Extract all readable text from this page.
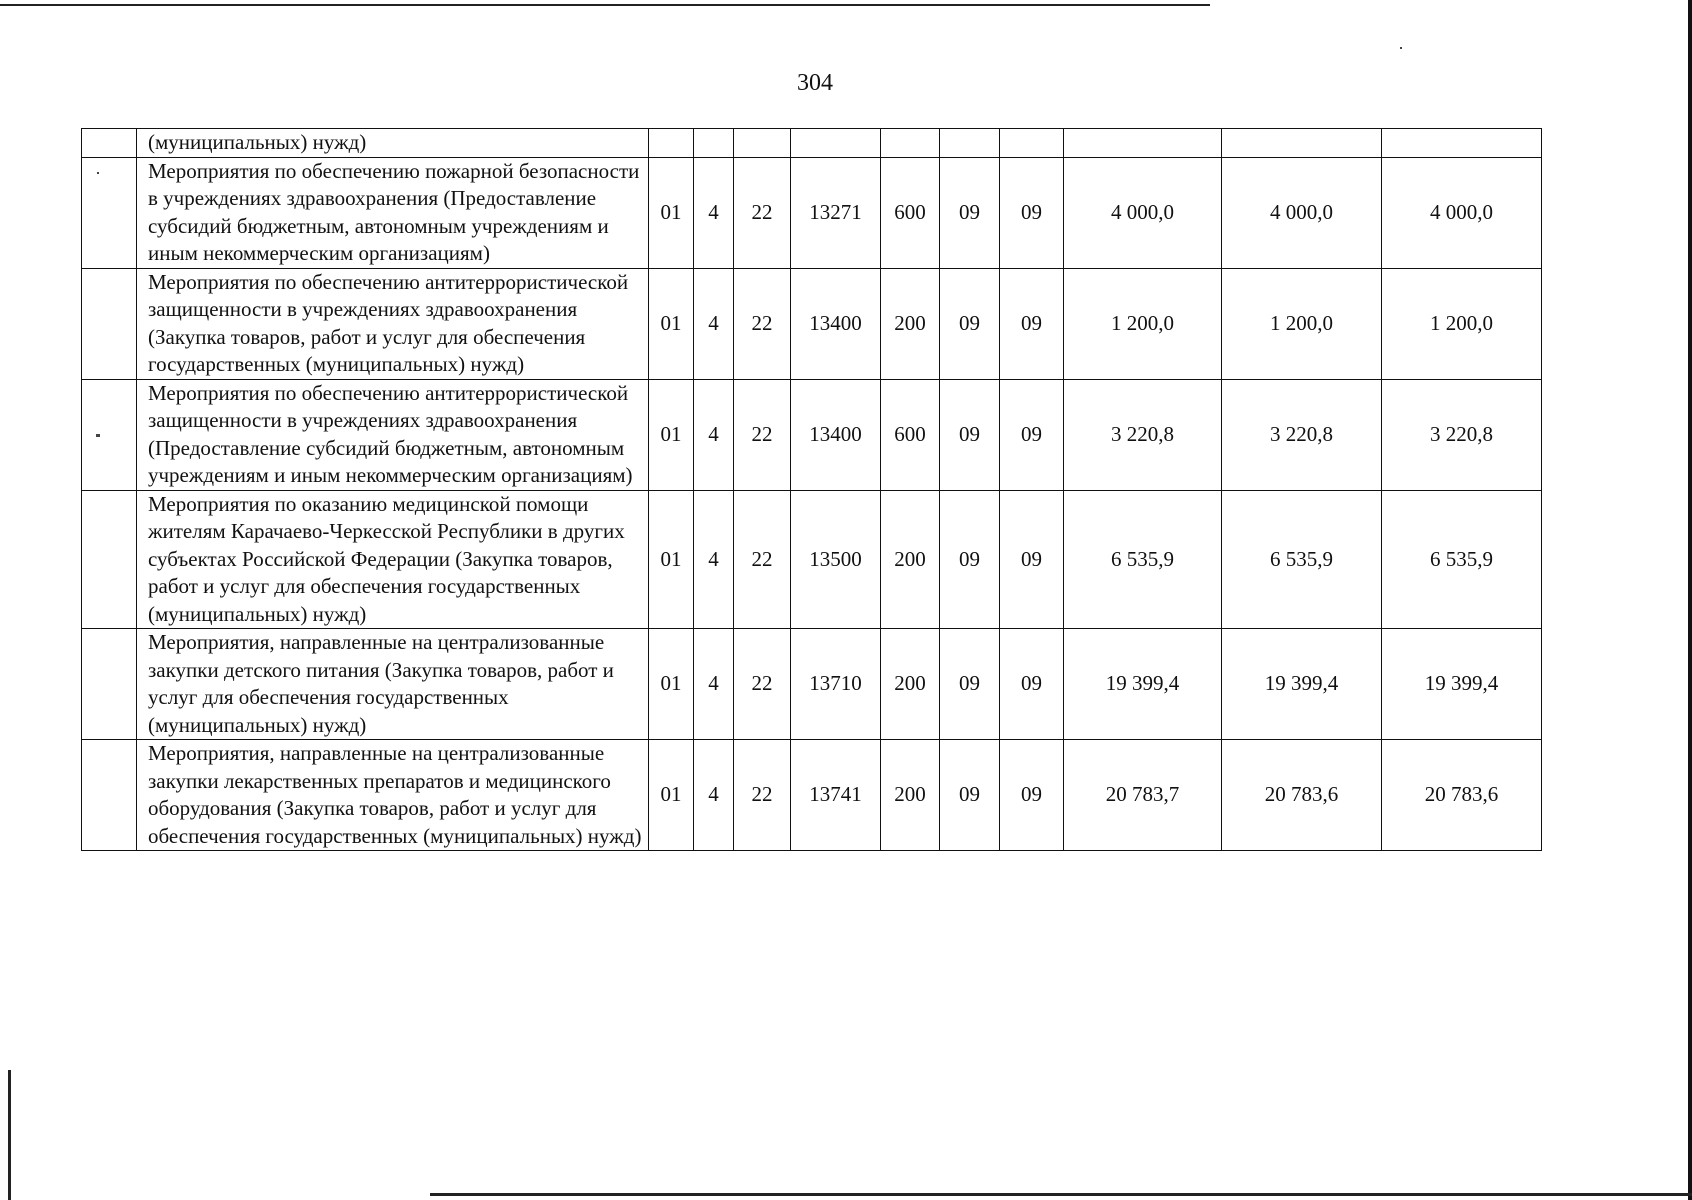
304
	(муниципальных) нужд)										
	Мероприятия по обеспечению пожарной безопасности в учреждениях здравоохранения (Предоставление субсидий бюджетным, автономным учреждениям и иным некоммерческим организациям)	01	4	22	13271	600	09	09	4 000,0	4 000,0	4 000,0
	Мероприятия по обеспечению антитеррористической защищенности в учреждениях здравоохранения (Закупка товаров, работ и услуг для обеспечения государственных (муниципальных) нужд)	01	4	22	13400	200	09	09	1 200,0	1 200,0	1 200,0
	Мероприятия по обеспечению антитеррористической защищенности в учреждениях здравоохранения (Предоставление субсидий бюджетным, автономным учреждениям и иным некоммерческим организациям)	01	4	22	13400	600	09	09	3 220,8	3 220,8	3 220,8
	Мероприятия по оказанию медицинской помощи жителям Карачаево-Черкесской Республики в других субъектах Российской Федерации (Закупка товаров, работ и услуг для обеспечения государственных (муниципальных) нужд)	01	4	22	13500	200	09	09	6 535,9	6 535,9	6 535,9
	Мероприятия, направленные на централизованные закупки детского питания (Закупка товаров, работ и услуг для обеспечения государственных (муниципальных) нужд)	01	4	22	13710	200	09	09	19 399,4	19 399,4	19 399,4
	Мероприятия, направленные на централизованные закупки лекарственных препаратов и медицинского оборудования (Закупка товаров, работ и услуг для обеспечения государственных (муниципальных) нужд)	01	4	22	13741	200	09	09	20 783,7	20 783,6	20 783,6
